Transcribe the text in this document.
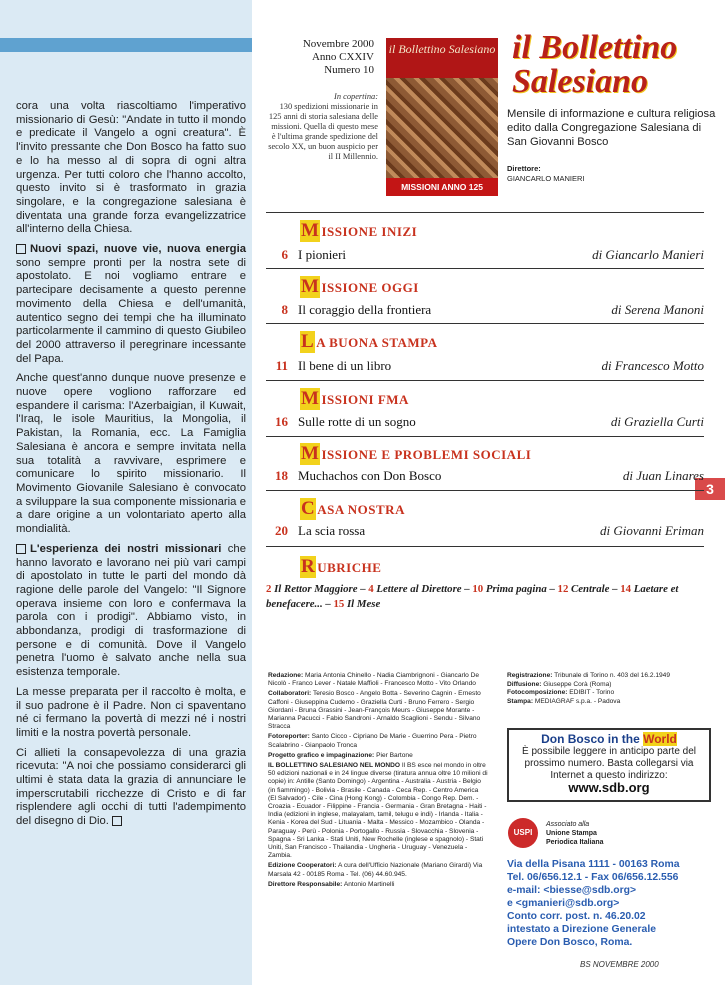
3

cora una volta riascoltiamo l'imperativo missionario di Gesù: "Andate in tutto il mondo e predicate il Vangelo a ogni creatura". È l'invito pressante che Don Bosco ha fatto suo e lo ha messo al di sopra di ogni altra urgenza. Per tutti coloro che l'hanno accolto, questo invito si è trasformato in grazia singolare, e la congregazione salesiana è diventata una grande forza evangelizzatrice all'interno della Chiesa.

Nuovi spazi, nuove vie, nuova energia sono sempre pronti per la nostra sete di apostolato. E noi vogliamo entrare e partecipare decisamente a questo perenne movimento della Chiesa e dell'umanità, autentico segno dei tempi che ha illuminato particolarmente il cammino di questo Giubileo del 2000 attraverso il peregrinare incessante del Papa.

Anche quest'anno dunque nuove presenze e nuove opere vogliono rafforzare ed espandere il carisma: l'Azerbaigian, il Kuwait, l'Iraq, le isole Mauritius, la Mongolia, il Pakistan, la Romania, ecc. La Famiglia Salesiana è ancora e sempre invitata nella sua totalità a ravvivare, esprimere e comunicare lo spirito missionario. Il Movimento Giovanile Salesiano è convocato a sviluppare la sua componente missionaria e a dare origine a un volontariato aperto alla mondialità.

L'esperienza dei nostri missionari che hanno lavorato e lavorano nei più vari campi di apostolato in tutte le parti del mondo dà ragione delle parole del Vangelo: "Il Signore operava insieme con loro e confermava la parola con i prodigi". Abbiamo visto, in abbondanza, prodigi di trasformazione di persone e di comunità. Dove il Vangelo penetra l'uomo è salvato anche nella sua esistenza temporale.

La messe preparata per il raccolto è molta, e il suo padrone è il Padre. Non ci spaventano né ci fermano la povertà di mezzi né i nostri limiti e la nostra povertà personale.

Ci allieti la consapevolezza di una grazia ricevuta: "A noi che possiamo considerarci gli ultimi è stata data la grazia di annunciare le imperscrutabili ricchezze di Cristo e di far risplendere agli occhi di tutti l'adempimento del disegno di Dio.

Novembre 2000
Anno CXXIV
Numero 10
In copertina:
130 spedizioni missionarie in 125 anni di storia salesiana delle missioni. Quella di questo mese è l'ultima grande spedizione del secolo XX, un buon auspicio per il II Millennio.
il Bollettino Salesiano
MISSIONI ANNO 125
il Bollettino
Salesiano
Mensile di informazione e cultura religiosa edito dalla Congregazione Salesiana di San Giovanni Bosco
Direttore:
GIANCARLO MANIERI
M ISSIONE INIZI
6 I pionieri	di Giancarlo Manieri
M ISSIONE OGGI
8 Il coraggio della frontiera	di Serena Manoni
L A BUONA STAMPA
11 Il bene di un libro	di Francesco Motto
M ISSIONI FMA
16 Sulle rotte di un sogno	di Graziella Curti
M ISSIONE E PROBLEMI SOCIALI
18 Muchachos con Don Bosco	di Juan Linares
C ASA NOSTRA
20 La scia rossa	di Giovanni Eriman
R UBRICHE
2 Il Rettor Maggiore – 4 Lettere al Direttore – 10 Prima pagina – 12 Centrale – 14 Laetare et benefacere... – 15 Il Mese

Redazione: Maria Antonia Chinello - Nadia Ciambrignoni - Giancarlo De Nicolò - Franco Lever - Natale Maffioli - Francesco Motto - Vito Orlando

Collaboratori: Teresio Bosco - Angelo Botta - Severino Cagnin - Ernesto Caffoni - Giuseppina Cudemo - Graziella Curti - Bruno Ferrero - Sergio Giordani - Bruna Grassini - Jean-François Meurs - Giuseppe Morante - Marianna Pacucci - Fabio Sandroni - Arnaldo Scaglioni - Sendu - Silvano Stracca

Fotoreporter: Santo Cicco - Cipriano De Marie - Guerrino Pera - Pietro Scalabrino - Gianpaolo Tronca

Progetto grafico e impaginazione: Pier Bartone

IL BOLLETTINO SALESIANO NEL MONDO Il BS esce nel mondo in oltre 50 edizioni nazionali e in 24 lingue diverse (tiratura annua oltre 10 milioni di copie) in: Antille (Santo Domingo) - Argentina - Australia - Austria - Belgio (in fiammingo) - Bolivia - Brasile - Canada - Ceca Rep. - Centro America (El Salvador) - Cile - Cina (Hong Kong) - Colombia - Congo Rep. Dem. - Croazia - Ecuador - Filippine - Francia - Germania - Gran Bretagna - Haiti - India (edizioni in inglese, malayalam, tamil, telugu e indi) - Irlanda - Italia - Kenia - Korea del Sud - Lituania - Malta - Messico - Mozambico - Olanda - Paraguay - Perù - Polonia - Portogallo - Russia - Slovacchia - Slovenia - Spagna - Sri Lanka - Stati Uniti, New Rochelle (inglese e spagnolo) - Stati Uniti, San Francisco - Thailandia - Ungheria - Uruguay - Venezuela - Zambia.

Edizione Cooperatori: A cura dell'Ufficio Nazionale (Mariano Girardi) Via Marsala 42 - 00185 Roma - Tel. (06) 44.60.945.

Direttore Responsabile: Antonio Martinelli

Registrazione: Tribunale di Torino n. 403 del 16.2.1949
Diffusione: Giuseppe Corà (Roma)
Fotocomposizione: EDIBIT - Torino
Stampa: MEDIAGRAF s.p.a. - Padova
Don Bosco in the World
È possibile leggere in anticipo parte del prossimo numero. Basta collegarsi via Internet a questo indirizzo:
www.sdb.org
USPI
Associato alla
Unione Stampa
Periodica Italiana
Via della Pisana 1111 - 00163 Roma
Tel. 06/656.12.1 - Fax 06/656.12.556
e-mail: <biesse@sdb.org>
e <gmanieri@sdb.org>
Conto corr. post. n. 46.20.02
intestato a Direzione Generale
Opere Don Bosco, Roma.
BS NOVEMBRE 2000
